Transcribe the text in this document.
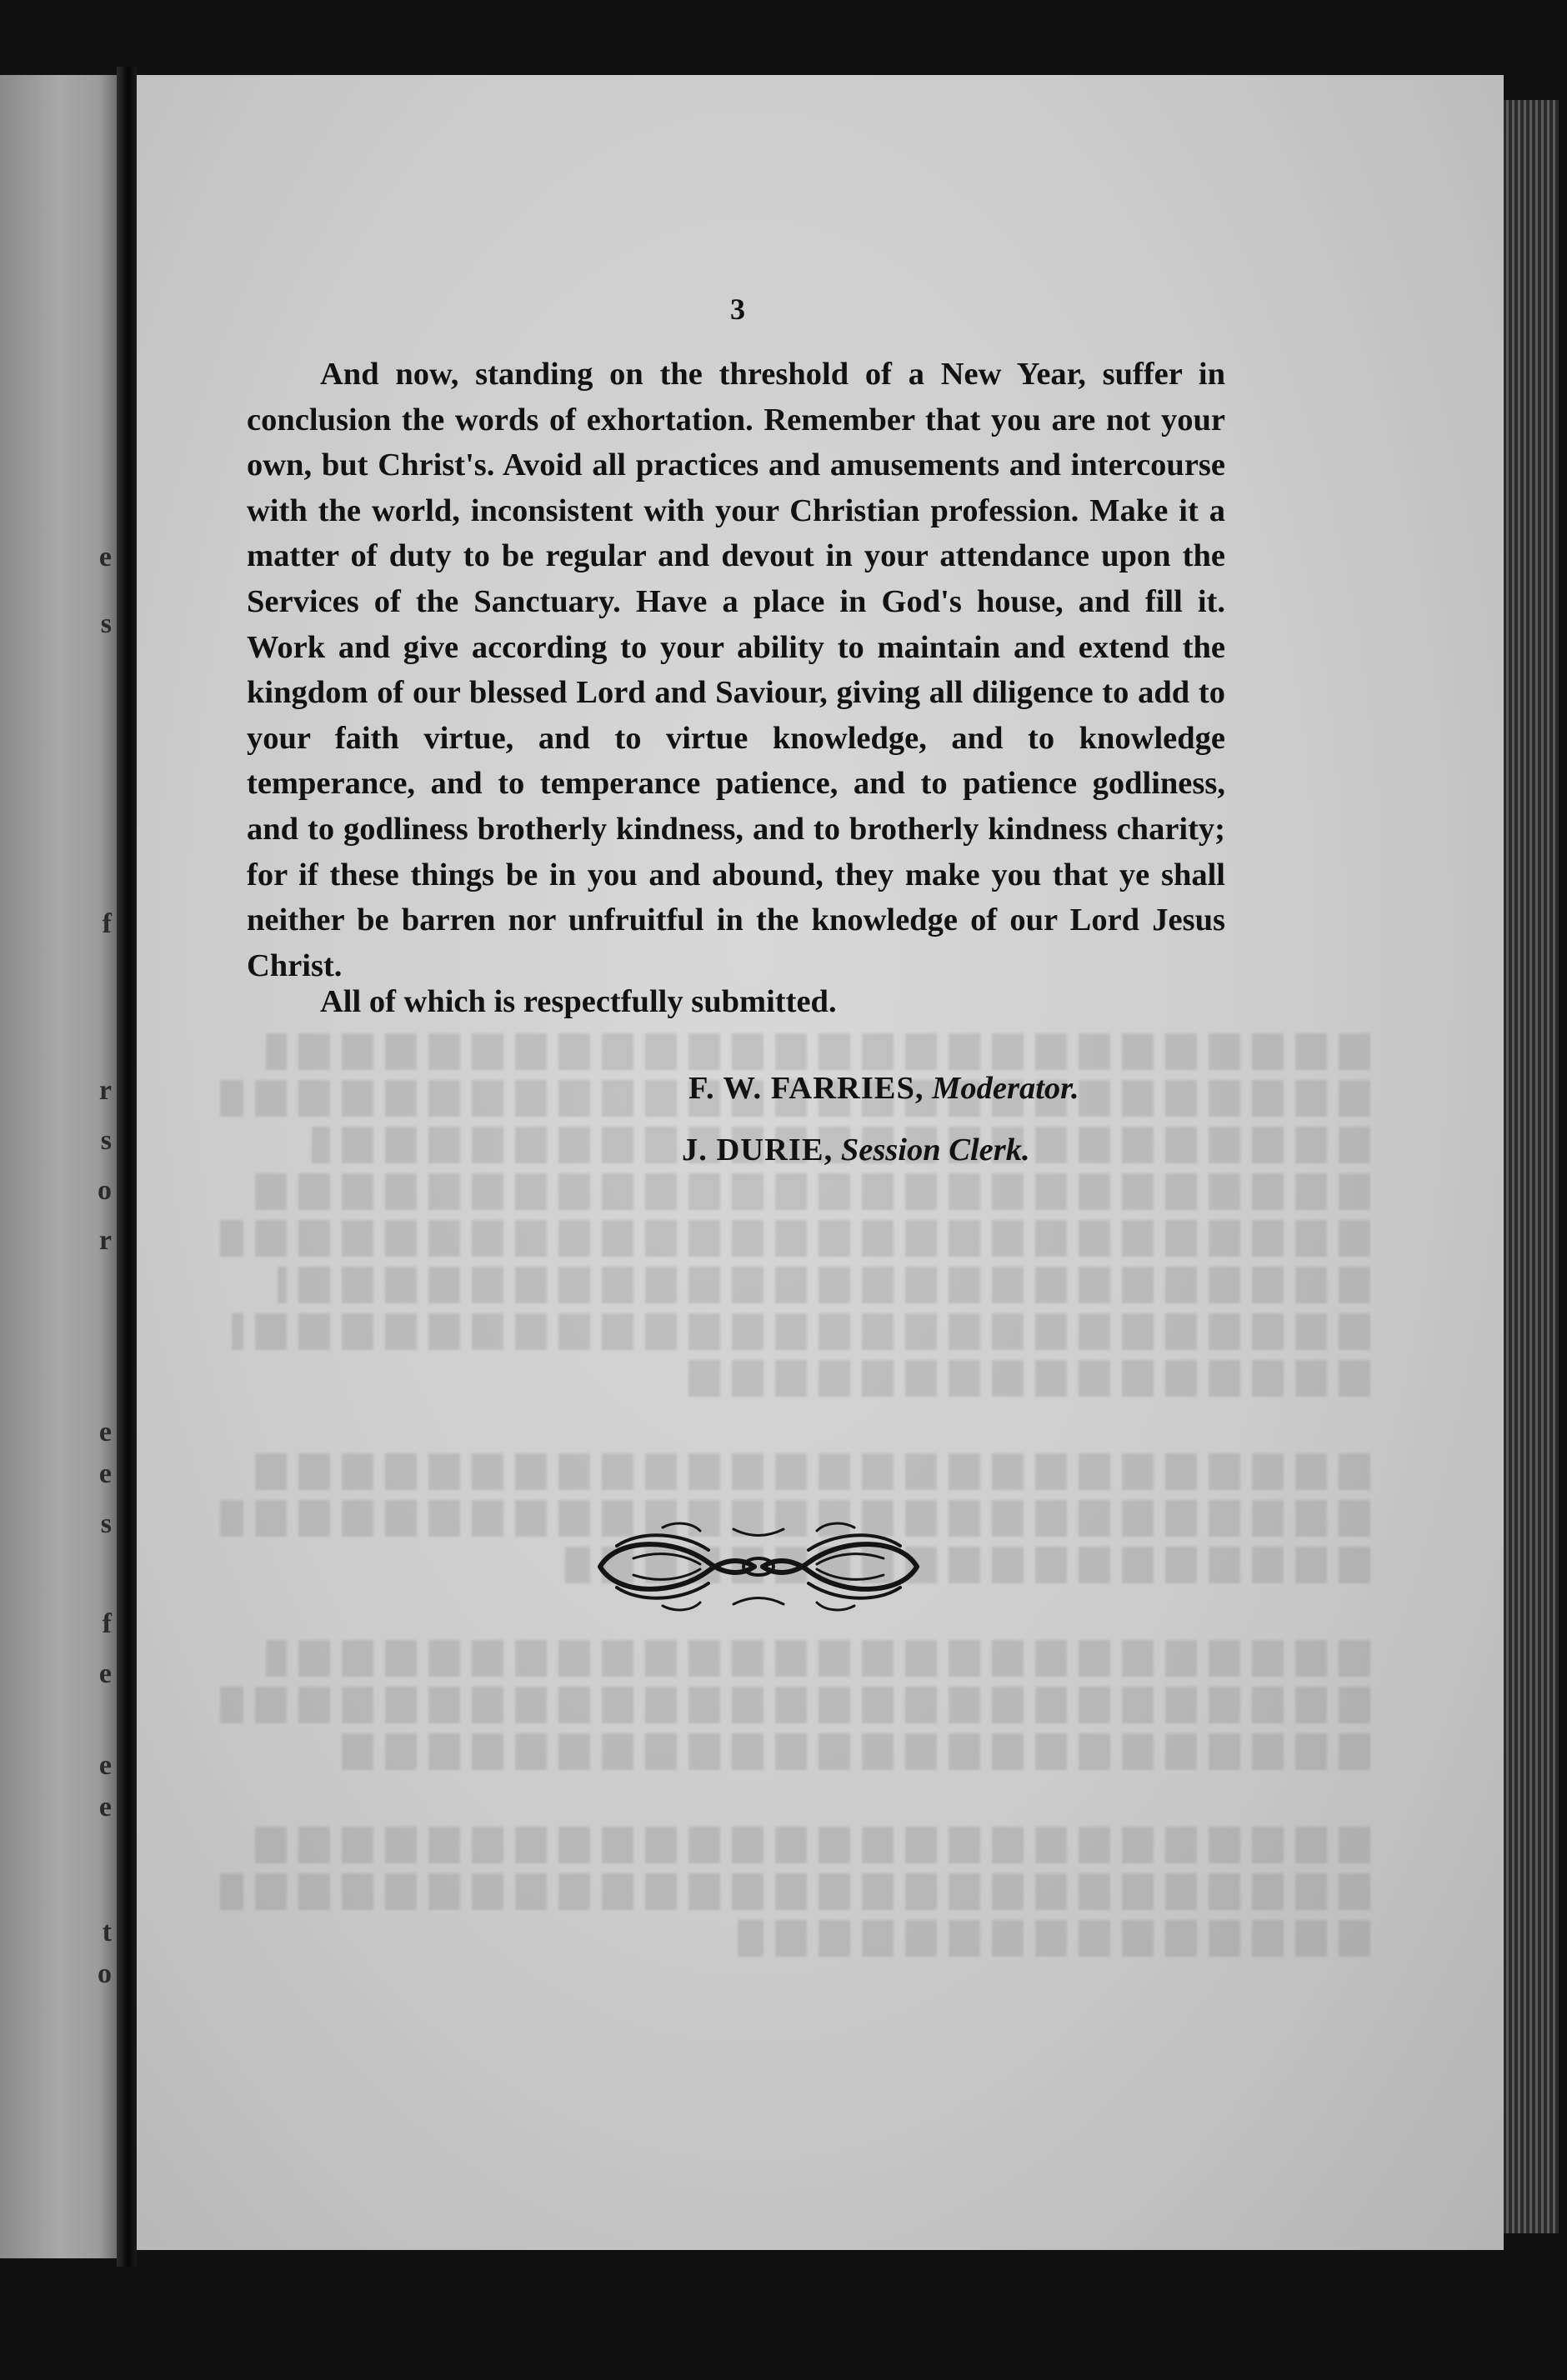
e
s
f
r
s
o
r
e
e
s
f
e
e
e
t
o
3

And now, standing on the threshold of a New Year, suffer in conclusion the words of exhortation. Remember that you are not your own, but Christ's. Avoid all practices and amusements and intercourse with the world, inconsistent with your Christian profession. Make it a matter of duty to be regular and devout in your attendance upon the Services of the Sanctuary. Have a place in God's house, and fill it. Work and give according to your ability to maintain and extend the kingdom of our blessed Lord and Saviour, giving all diligence to add to your faith virtue, and to virtue knowledge, and to knowledge temperance, and to temperance patience, and to patience godliness, and to godliness brotherly kindness, and to brotherly kindness charity; for if these things be in you and abound, they make you that ye shall neither be barren nor unfruitful in the knowledge of our Lord Jesus Christ.

All of which is respectfully submitted.

F. W. FARRIES, Moderator.
J. DURIE, Session Clerk.
